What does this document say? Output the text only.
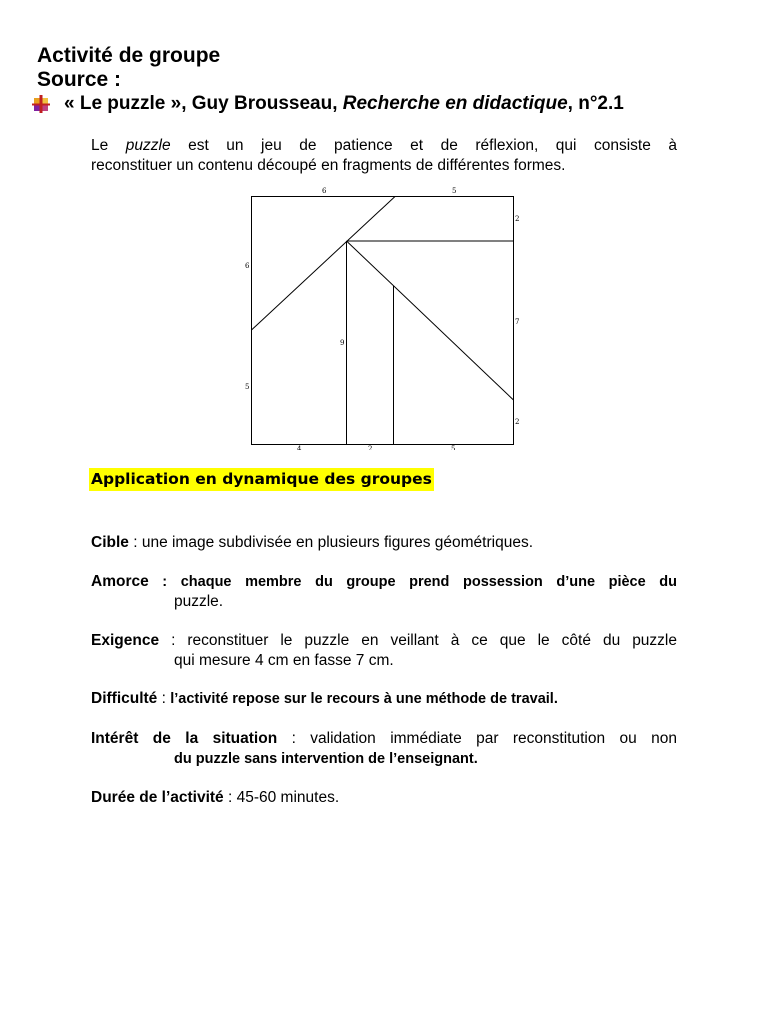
Activité de groupe
Source :
« Le puzzle », Guy Brousseau, Recherche en didactique, n°2.1
Le puzzle est un jeu de patience et de réflexion, qui consiste à
reconstituer un contenu découpé en fragments de différentes formes.
6	5
6
5
2
7
2
9
4	2	5
Application en dynamique des groupes
Cible : une image subdivisée en plusieurs figures géométriques.
Amorce : chaque membre du groupe prend possession d’une pièce du
puzzle.
Exigence : reconstituer le puzzle en veillant à ce que le côté du puzzle
qui mesure 4 cm en fasse 7 cm.
Difficulté : l’activité repose sur le recours à une méthode de travail.
Intérêt de la situation : validation immédiate par reconstitution ou non
du puzzle sans intervention de l’enseignant.
Durée de l’activité : 45-60 minutes.
